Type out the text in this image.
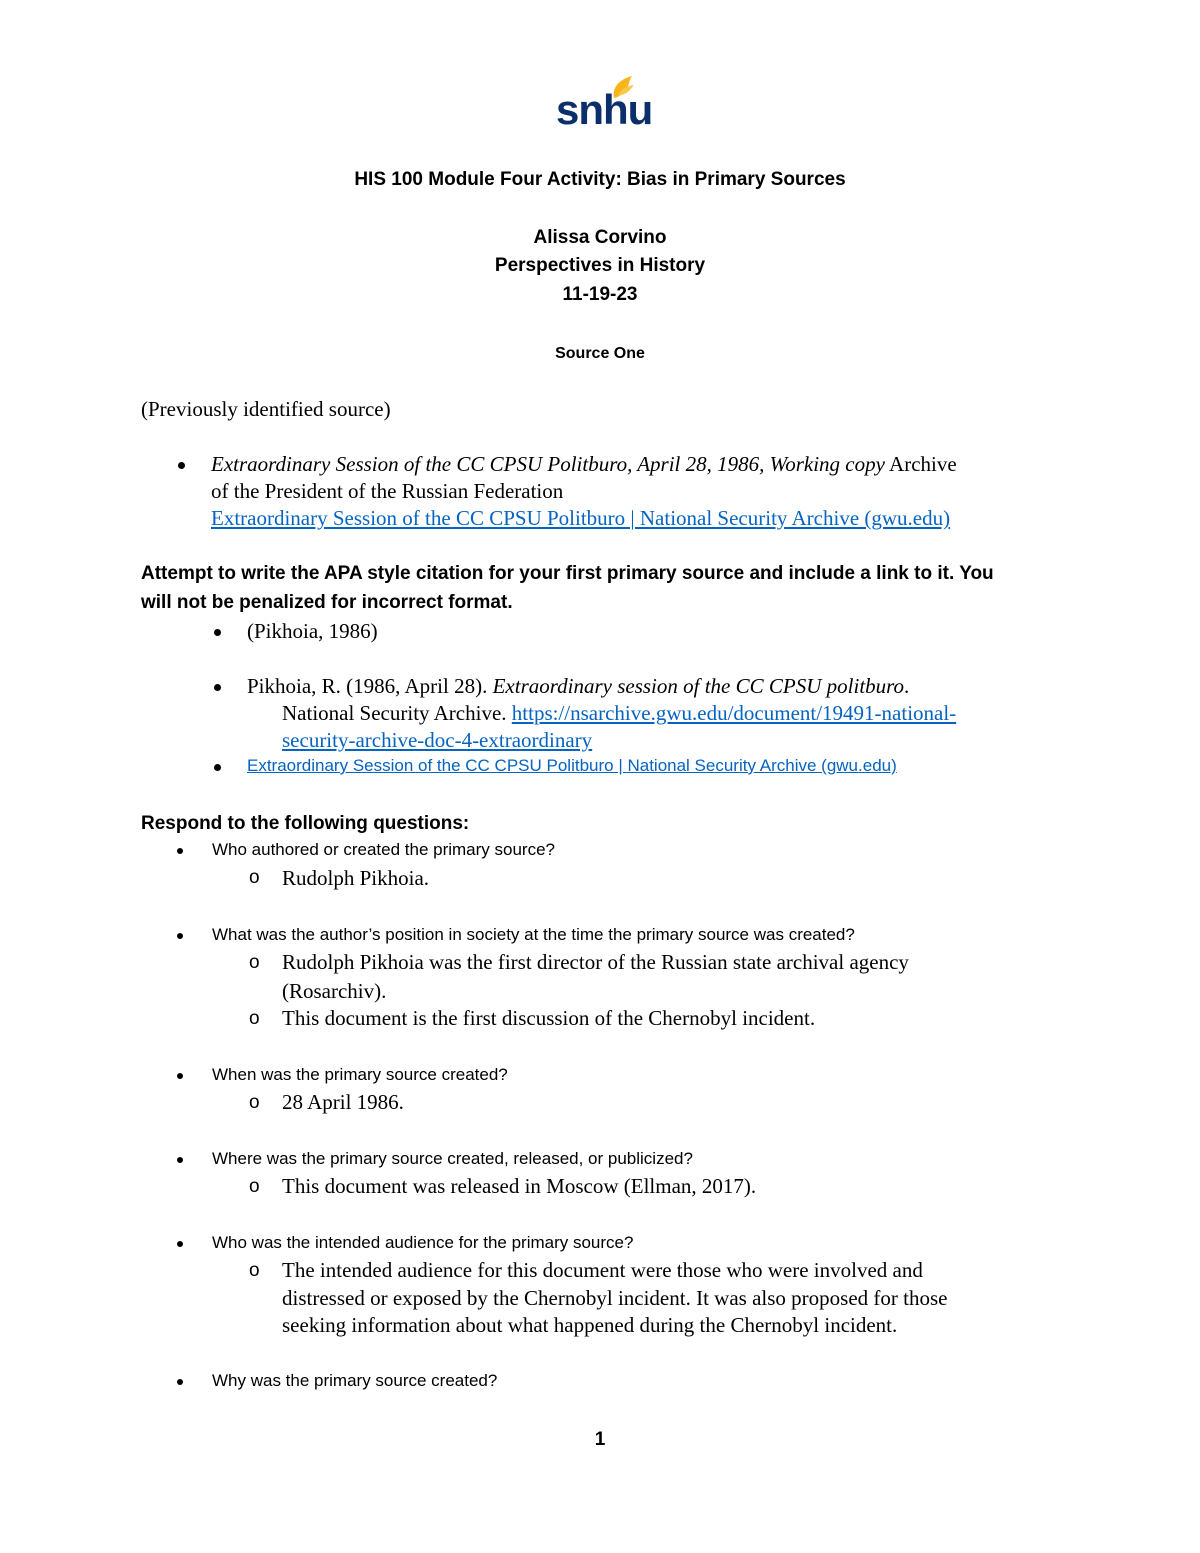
snhu
HIS 100 Module Four Activity: Bias in Primary Sources
Alissa Corvino
Perspectives in History
11-19-23
Source One
(Previously identified source)
Extraordinary Session of the CC CPSU Politburo, April 28, 1986, Working copy Archive
of the President of the Russian Federation
Extraordinary Session of the CC CPSU Politburo | National Security Archive (gwu.edu)
Attempt to write the APA style citation for your first primary source and include a link to it. You
will not be penalized for incorrect format.
(Pikhoia, 1986)
Pikhoia, R. (1986, April 28). Extraordinary session of the CC CPSU politburo.
National Security Archive. https://nsarchive.gwu.edu/document/19491-national-
security-archive-doc-4-extraordinary
Extraordinary Session of the CC CPSU Politburo | National Security Archive (gwu.edu)
Respond to the following questions:
Who authored or created the primary source?
o Rudolph Pikhoia.
What was the author’s position in society at the time the primary source was created?
o Rudolph Pikhoia was the first director of the Russian state archival agency
(Rosarchiv).
o This document is the first discussion of the Chernobyl incident.
When was the primary source created?
o 28 April 1986.
Where was the primary source created, released, or publicized?
o This document was released in Moscow (Ellman, 2017).
Who was the intended audience for the primary source?
o The intended audience for this document were those who were involved and
distressed or exposed by the Chernobyl incident. It was also proposed for those
seeking information about what happened during the Chernobyl incident.
Why was the primary source created?
1
